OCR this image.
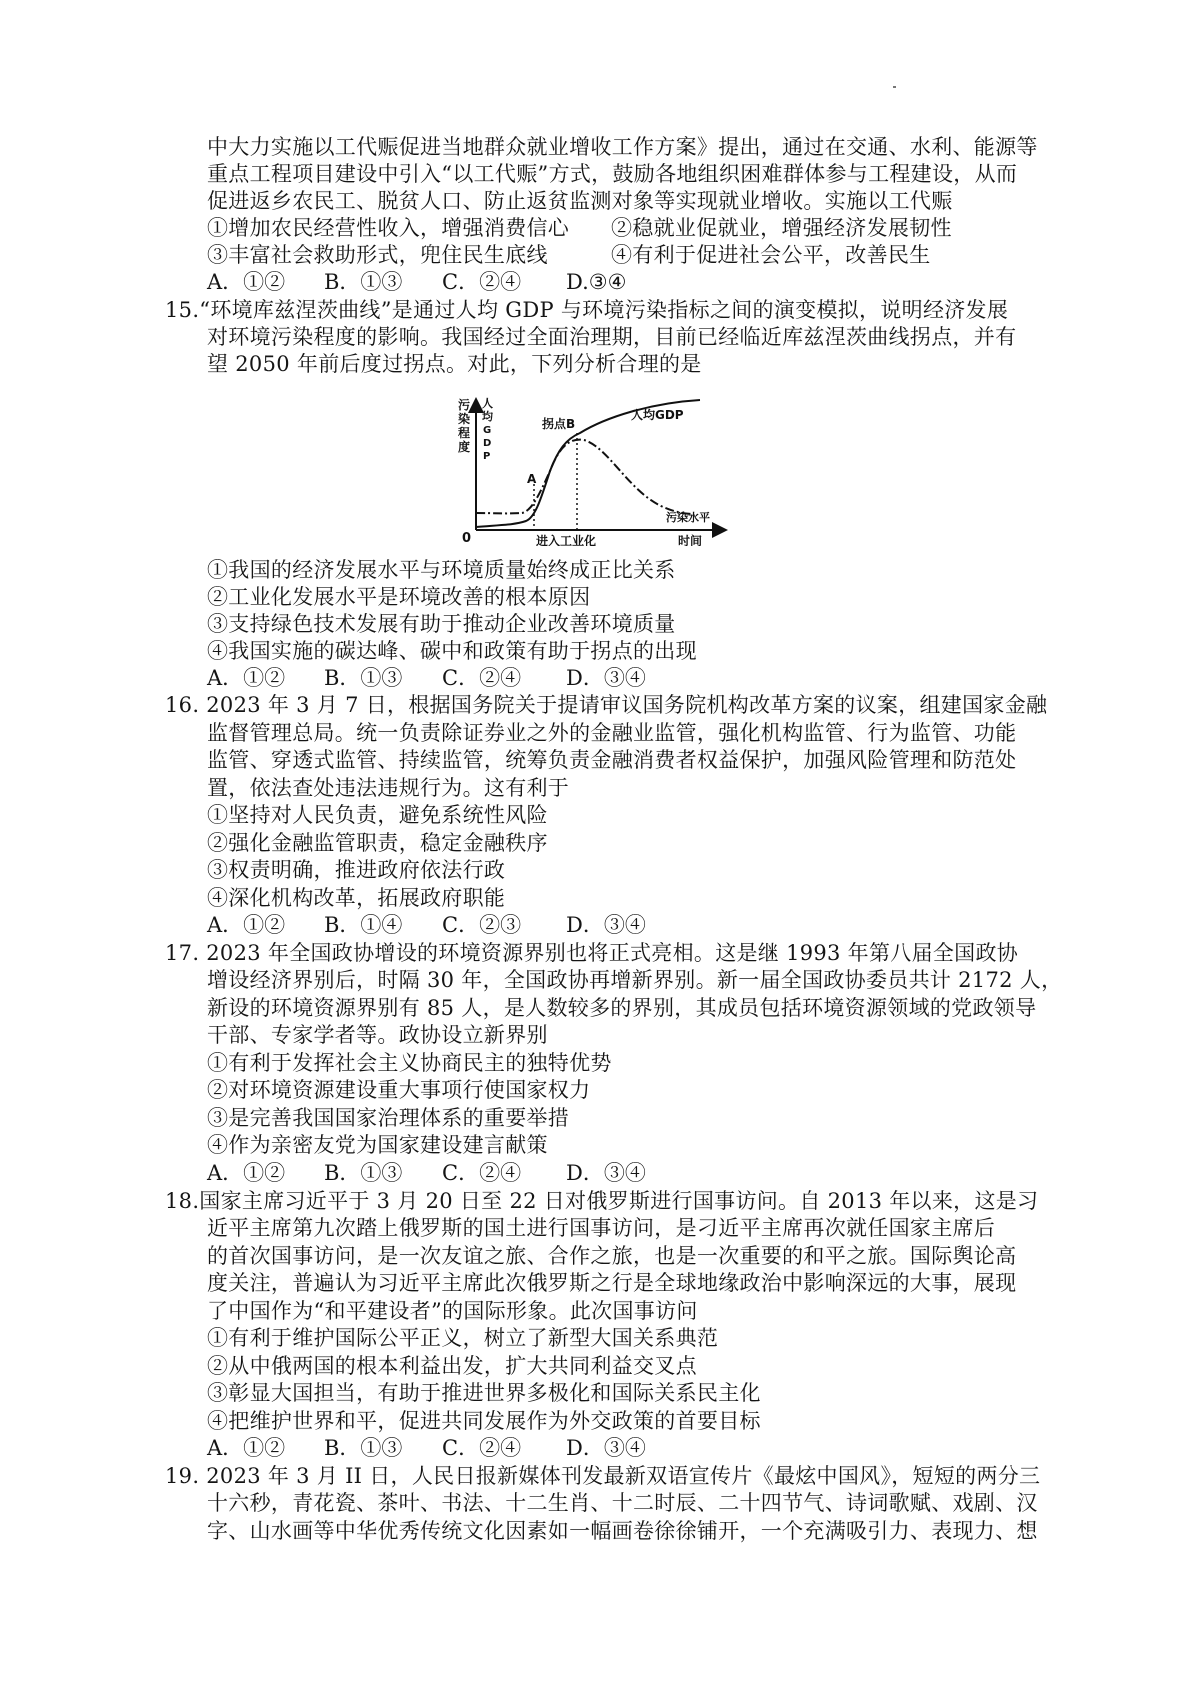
中大力实施以工代赈促进当地群众就业增收工作方案》提出，通过在交通、水利、能源等
重点工程项目建设中引入“以工代赈”方式，鼓励各地组织困难群体参与工程建设，从而
促进返乡农民工、脱贫人口、防止返贫监测对象等实现就业增收。实施以工代赈
①增加农民经营性收入，增强消费信心 ②稳就业促就业，增强经济发展韧性
③丰富社会救助形式，兜住民生底线	④有利于促进社会公平，改善民生
A．①② B．①③ C．②④ D.③④
15.“环境库兹涅茨曲线”是通过人均 GDP 与环境污染指标之间的演变模拟，说明经济发展
对环境污染程度的影响。我国经过全面治理期，目前已经临近库兹涅茨曲线拐点，并有
望 2050 年前后度过拐点。对此，下列分析合理的是
污
染
程
度
人
均
G
D
P
0
A
拐点B
人均GDP
污染水平
进入工业化	时间
①我国的经济发展水平与环境质量始终成正比关系
②工业化发展水平是环境改善的根本原因
③支持绿色技术发展有助于推动企业改善环境质量
④我国实施的碳达峰、碳中和政策有助于拐点的出现
A．①② B．①③ C．②④ D．③④
16. 2023 年 3 月 7 日，根据国务院关于提请审议国务院机构改革方案的议案，组建国家金融
监督管理总局。统一负责除证券业之外的金融业监管，强化机构监管、行为监管、功能
监管、穿透式监管、持续监管，统筹负责金融消费者权益保护，加强风险管理和防范处
置，依法查处违法违规行为。这有利于
①坚持对人民负责，避免系统性风险
②强化金融监管职责，稳定金融秩序
③权责明确，推进政府依法行政
④深化机构改革，拓展政府职能
A．①② B．①④ C．②③ D．③④
17. 2023 年全国政协增设的环境资源界别也将正式亮相。这是继 1993 年第八届全国政协
增设经济界别后，时隔 30 年，全国政协再增新界别。新一届全国政协委员共计 2172 人，
新设的环境资源界别有 85 人，是人数较多的界别，其成员包括环境资源领域的党政领导
干部、专家学者等。政协设立新界别
①有利于发挥社会主义协商民主的独特优势
②对环境资源建设重大事项行使国家权力
③是完善我国国家治理体系的重要举措
④作为亲密友党为国家建设建言献策
A．①② B．①③ C．②④ D．③④
18.国家主席习近平于 3 月 20 日至 22 日对俄罗斯进行国事访问。自 2013 年以来，这是习
近平主席第九次踏上俄罗斯的国土进行国事访问，是刁近平主席再次就任国家主席后
的首次国事访问，是一次友谊之旅、合作之旅，也是一次重要的和平之旅。国际舆论高
度关注，普遍认为习近平主席此次俄罗斯之行是全球地缘政治中影响深远的大事，展现
了中国作为“和平建设者”的国际形象。此次国事访问
①有利于维护国际公平正义，树立了新型大国关系典范
②从中俄两国的根本利益出发，扩大共同利益交叉点
③彰显大国担当，有助于推进世界多极化和国际关系民主化
④把维护世界和平，促进共同发展作为外交政策的首要目标
A．①② B．①③ C．②④ D．③④
19. 2023 年 3 月 II 日，人民日报新媒体刊发最新双语宣传片《最炫中国风》，短短的两分三
十六秒，青花瓷、茶叶、书法、十二生肖、十二时辰、二十四节气、诗词歌赋、戏剧、汉
字、山水画等中华优秀传统文化因素如一幅画卷徐徐铺开，一个充满吸引力、表现力、想
